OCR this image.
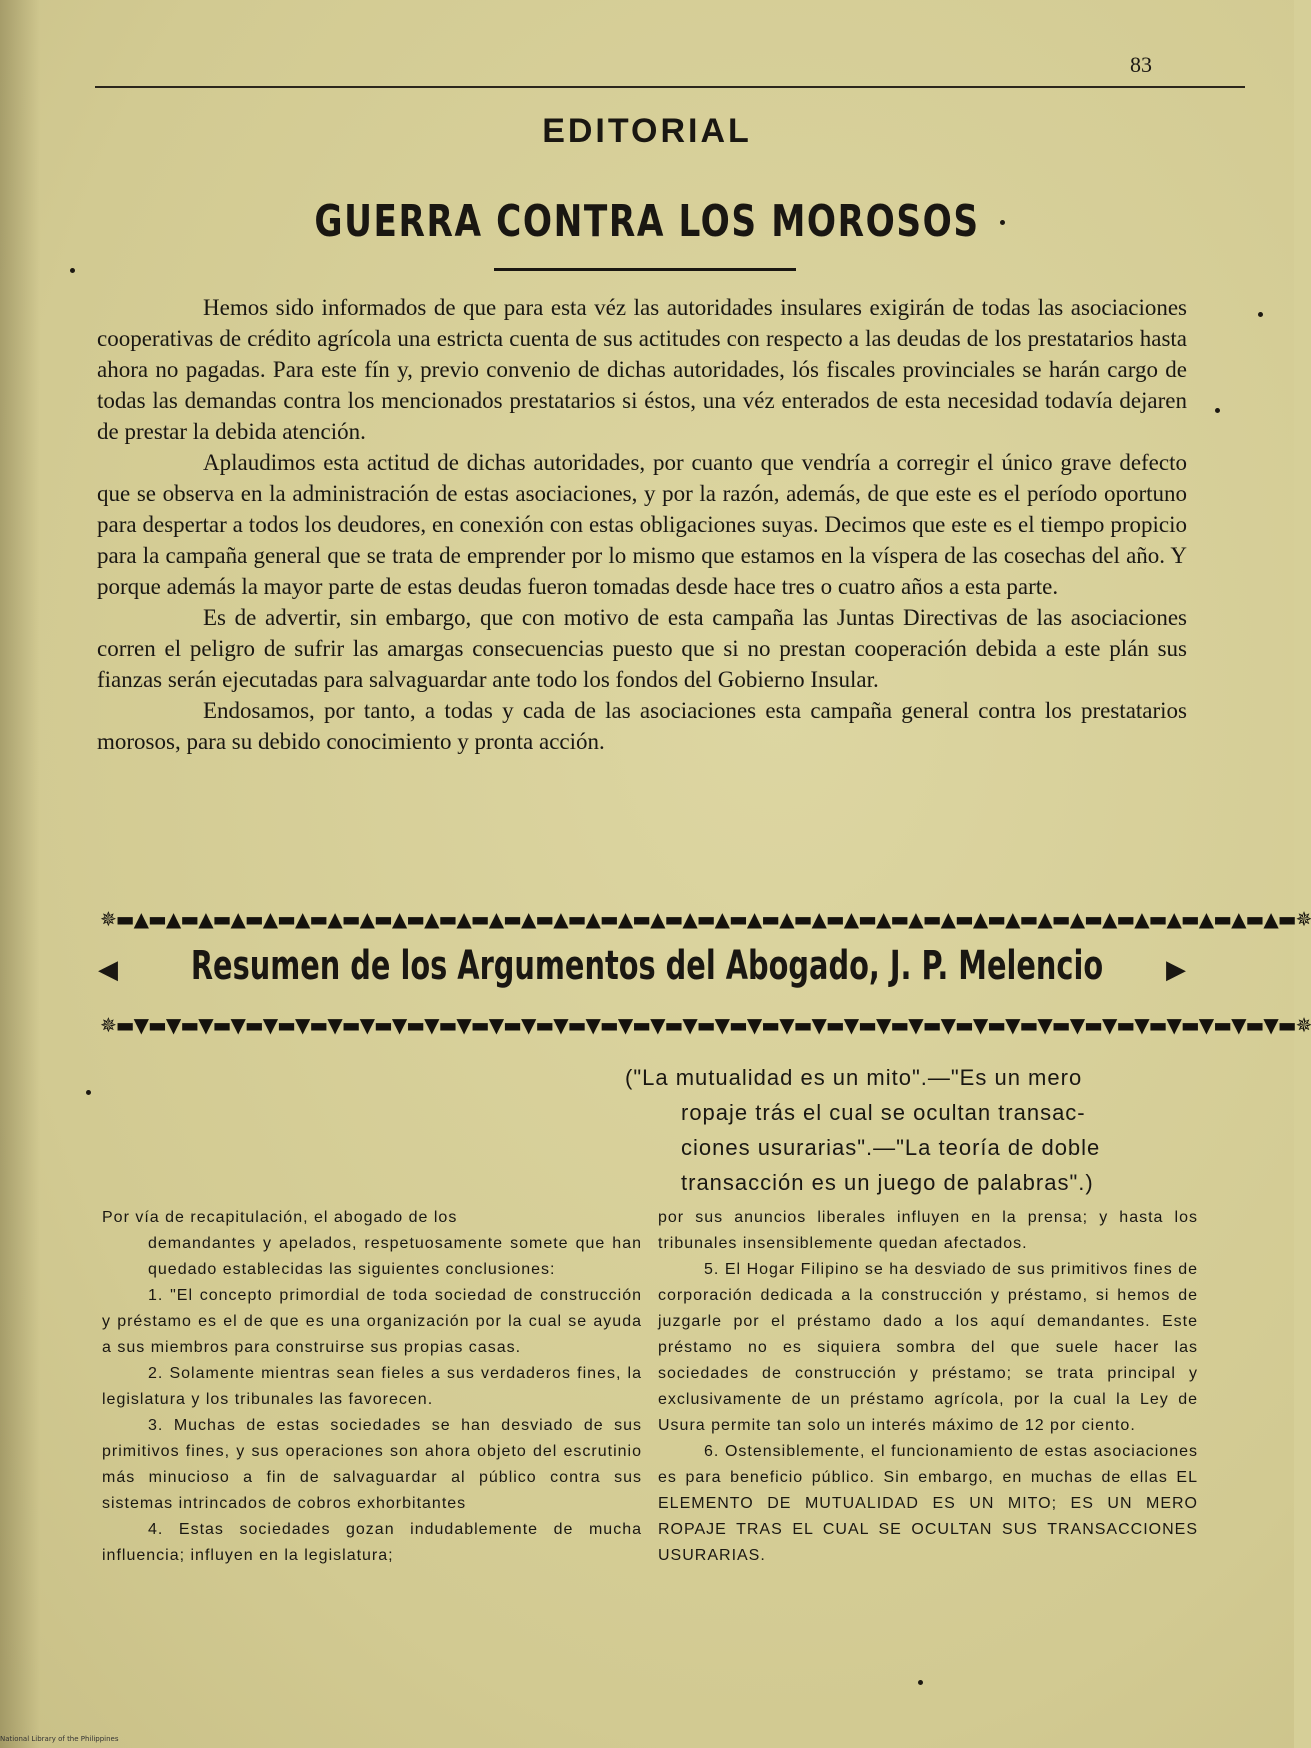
83
EDITORIAL
GUERRA CONTRA LOS MOROSOS

Hemos sido informados de que para esta véz las autoridades insulares exigirán de todas las asociaciones cooperativas de crédito agrícola una estricta cuenta de sus actitudes con respecto a las deudas de los prestatarios hasta ahora no pagadas. Para este fín y, previo convenio de dichas autoridades, lós fiscales provinciales se harán cargo de todas las demandas contra los mencionados prestatarios si éstos, una véz enterados de esta necesidad todavía dejaren de prestar la debida atención.

Aplaudimos esta actitud de dichas autoridades, por cuanto que vendría a corregir el único grave defecto que se observa en la administración de estas asociaciones, y por la razón, además, de que este es el período oportuno para despertar a todos los deudores, en conexión con estas obligaciones suyas. Decimos que este es el tiempo propicio para la campaña general que se trata de emprender por lo mismo que estamos en la víspera de las cosechas del año. Y porque además la mayor parte de estas deudas fueron tomadas desde hace tres o cuatro años a esta parte.

Es de advertir, sin embargo, que con motivo de esta campaña las Juntas Directivas de las asociaciones corren el peligro de sufrir las amargas consecuencias puesto que si no prestan cooperación debida a este plán sus fianzas serán ejecutadas para salvaguardar ante todo los fondos del Gobierno Insular.

Endosamos, por tanto, a todas y cada de las asociaciones esta campaña general contra los prestatarios morosos, para su debido conocimiento y pronta acción.

✵▬▲▬▲▬▲▬▲▬▲▬▲▬▲▬▲▬▲▬▲▬▲▬▲▬▲▬▲▬▲▬▲▬▲▬▲▬▲▬▲▬▲▬▲▬▲▬▲▬▲▬▲▬▲▬▲▬▲▬▲▬▲▬▲▬▲▬▲▬▲▬▲▬✵
◀	▶
Resumen de los Argumentos del Abogado, J. P. Melencio
✵▬▼▬▼▬▼▬▼▬▼▬▼▬▼▬▼▬▼▬▼▬▼▬▼▬▼▬▼▬▼▬▼▬▼▬▼▬▼▬▼▬▼▬▼▬▼▬▼▬▼▬▼▬▼▬▼▬▼▬▼▬▼▬▼▬▼▬▼▬▼▬▼▬✵
("La mutualidad es un mito".—"Es un mero
ropaje trás el cual se ocultan transac-
ciones usurarias".—"La teoría de doble
transacción es un juego de palabras".)

Por vía de recapitulación, el abogado de los

demandantes y apelados, respetuosamente somete que han quedado establecidas las siguientes conclusiones:

1. "El concepto primordial de toda sociedad de construcción y préstamo es el de que es una organización por la cual se ayuda a sus miembros para construirse sus propias casas.

2. Solamente mientras sean fieles a sus verdaderos fines, la legislatura y los tribunales las favorecen.

3. Muchas de estas sociedades se han desviado de sus primitivos fines, y sus operaciones son ahora objeto del escrutinio más minucioso a fin de salvaguardar al público contra sus sistemas intrincados de cobros exhorbitantes

4. Estas sociedades gozan indudablemente de mucha influencia; influyen en la legislatura;

por sus anuncios liberales influyen en la prensa; y hasta los tribunales insensiblemente quedan afectados.

5. El Hogar Filipino se ha desviado de sus primitivos fines de corporación dedicada a la construcción y préstamo, si hemos de juzgarle por el préstamo dado a los aquí demandantes. Este préstamo no es siquiera sombra del que suele hacer las sociedades de construcción y préstamo; se trata principal y exclusivamente de un préstamo agrícola, por la cual la Ley de Usura permite tan solo un interés máximo de 12 por ciento.

6. Ostensiblemente, el funcionamiento de estas asociaciones es para beneficio público. Sin embargo, en muchas de ellas EL ELEMENTO DE MUTUALIDAD ES UN MITO; ES UN MERO ROPAJE TRAS EL CUAL SE OCULTAN SUS TRANSACCIONES USURARIAS.

National Library of the Philippines
